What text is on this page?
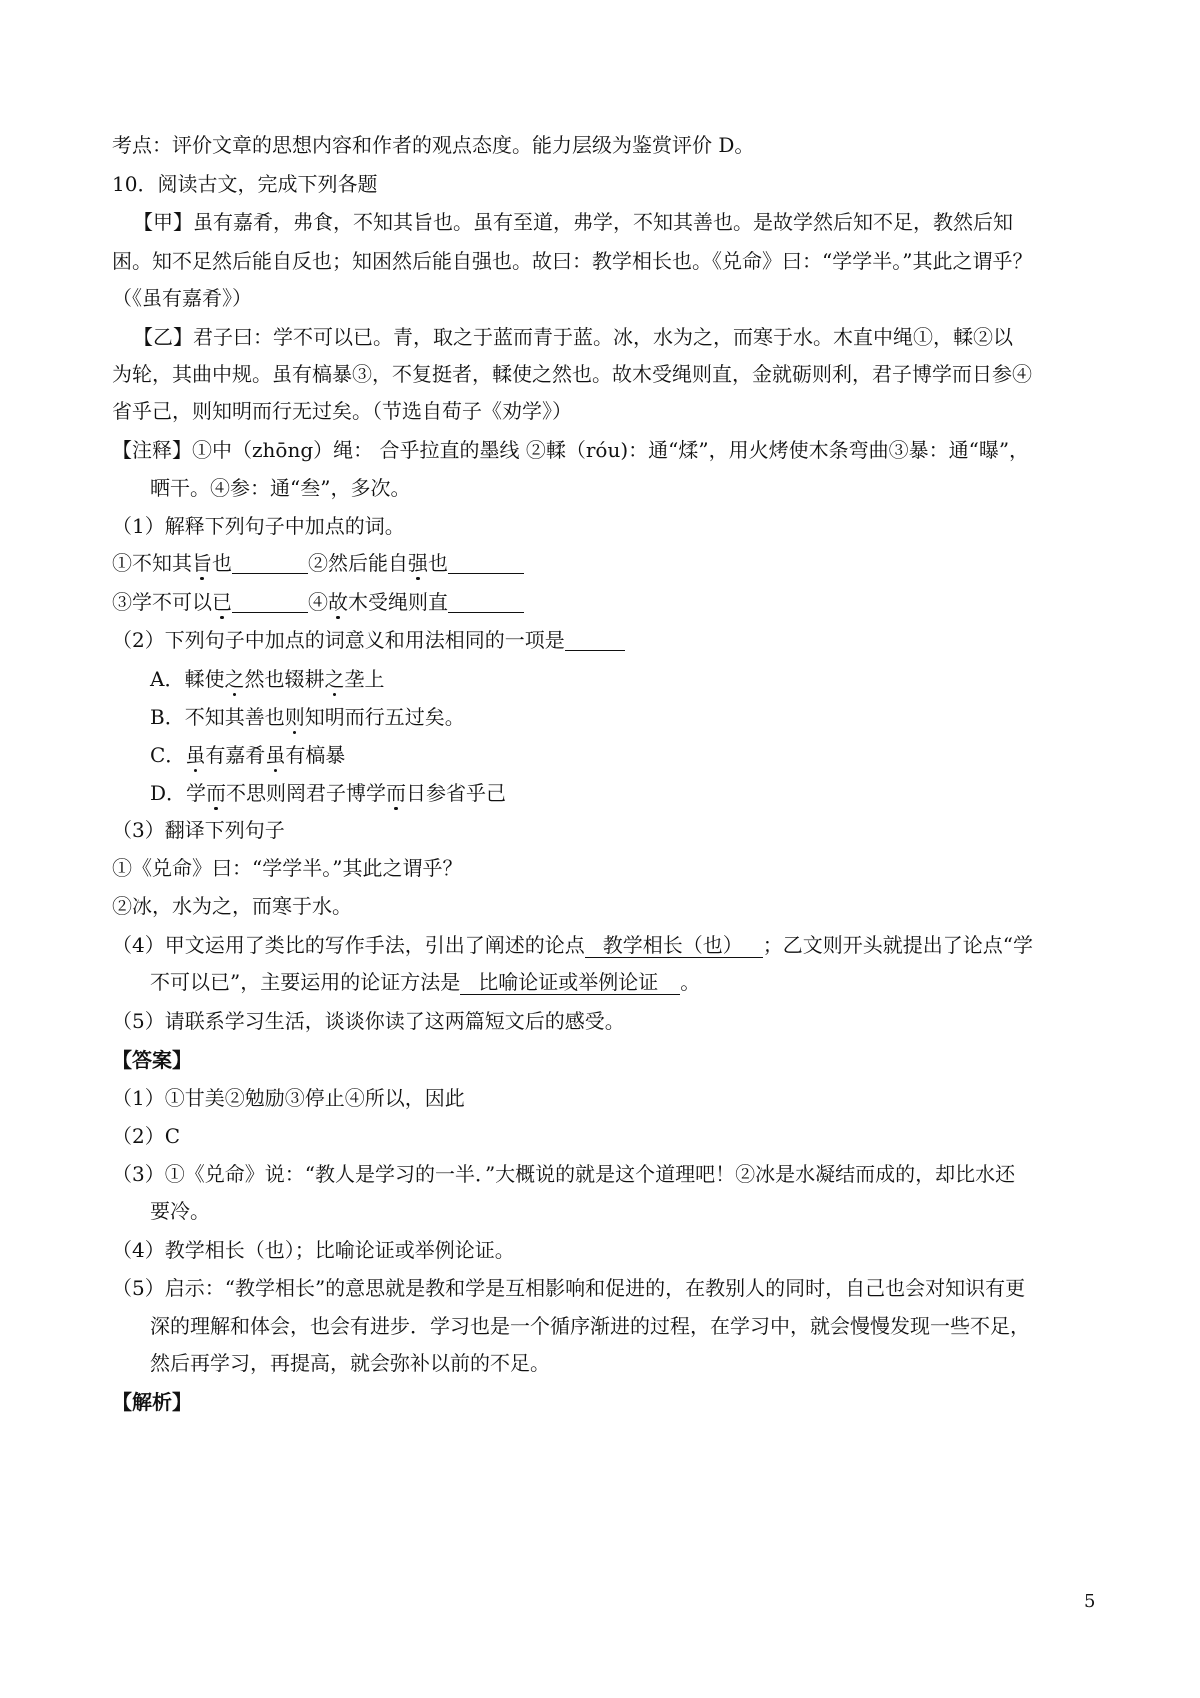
考点：评价文章的思想内容和作者的观点态度。能力层级为鉴赏评价 D。
10．阅读古文，完成下列各题
【甲】虽有嘉肴，弗食，不知其旨也。虽有至道，弗学，不知其善也。是故学然后知不足，教然后知
困。知不足然后能自反也；知困然后能自强也。故曰：教学相长也。《兑命》曰：“学学半。”其此之谓乎？
（《虽有嘉肴》）
【乙】君子曰：学不可以已。青，取之于蓝而青于蓝。冰，水为之，而寒于水。木直中绳①，輮②以
为轮，其曲中规。虽有槁暴③，不复挺者，輮使之然也。故木受绳则直，金就砺则利，君子博学而日参④
省乎己，则知明而行无过矣。（节选自荀子《劝学》）
【注释】①中（zhōng）绳： 合乎拉直的墨线 ②輮（róu)：通“煣”，用火烤使木条弯曲③暴：通“曝”，
晒干。④参：通“叁”，多次。
（1）解释下列句子中加点的词。
①不知其旨也	②然后能自强也
③学不可以已	④故木受绳则直
（2）下列句子中加点的词意义和用法相同的一项是
A．輮使之然也辍耕之垄上
B．不知其善也则知明而行五过矣。
C．虽有嘉肴虽有槁暴
D．学而不思则罔君子博学而日参省乎己
（3）翻译下列句子
①《兑命》曰：“学学半。”其此之谓乎？
②冰，水为之，而寒于水。
（4）甲文运用了类比的写作手法，引出了阐述的论点 教学相长（也） ；乙文则开头就提出了论点“学
不可以已”，主要运用的论证方法是 比喻论证或举例论证 。
（5）请联系学习生活，谈谈你读了这两篇短文后的感受。
【答案】
（1）①甘美②勉励③停止④所以，因此
（2）C
（3）①《兑命》说：“教人是学习的一半．”大概说的就是这个道理吧！②冰是水凝结而成的，却比水还
要冷。
（4）教学相长（也）；比喻论证或举例论证。
（5）启示：“教学相长”的意思就是教和学是互相影响和促进的，在教别人的同时，自己也会对知识有更
深的理解和体会，也会有进步．学习也是一个循序渐进的过程，在学习中，就会慢慢发现一些不足，
然后再学习，再提高，就会弥补以前的不足。
【解析】
5
